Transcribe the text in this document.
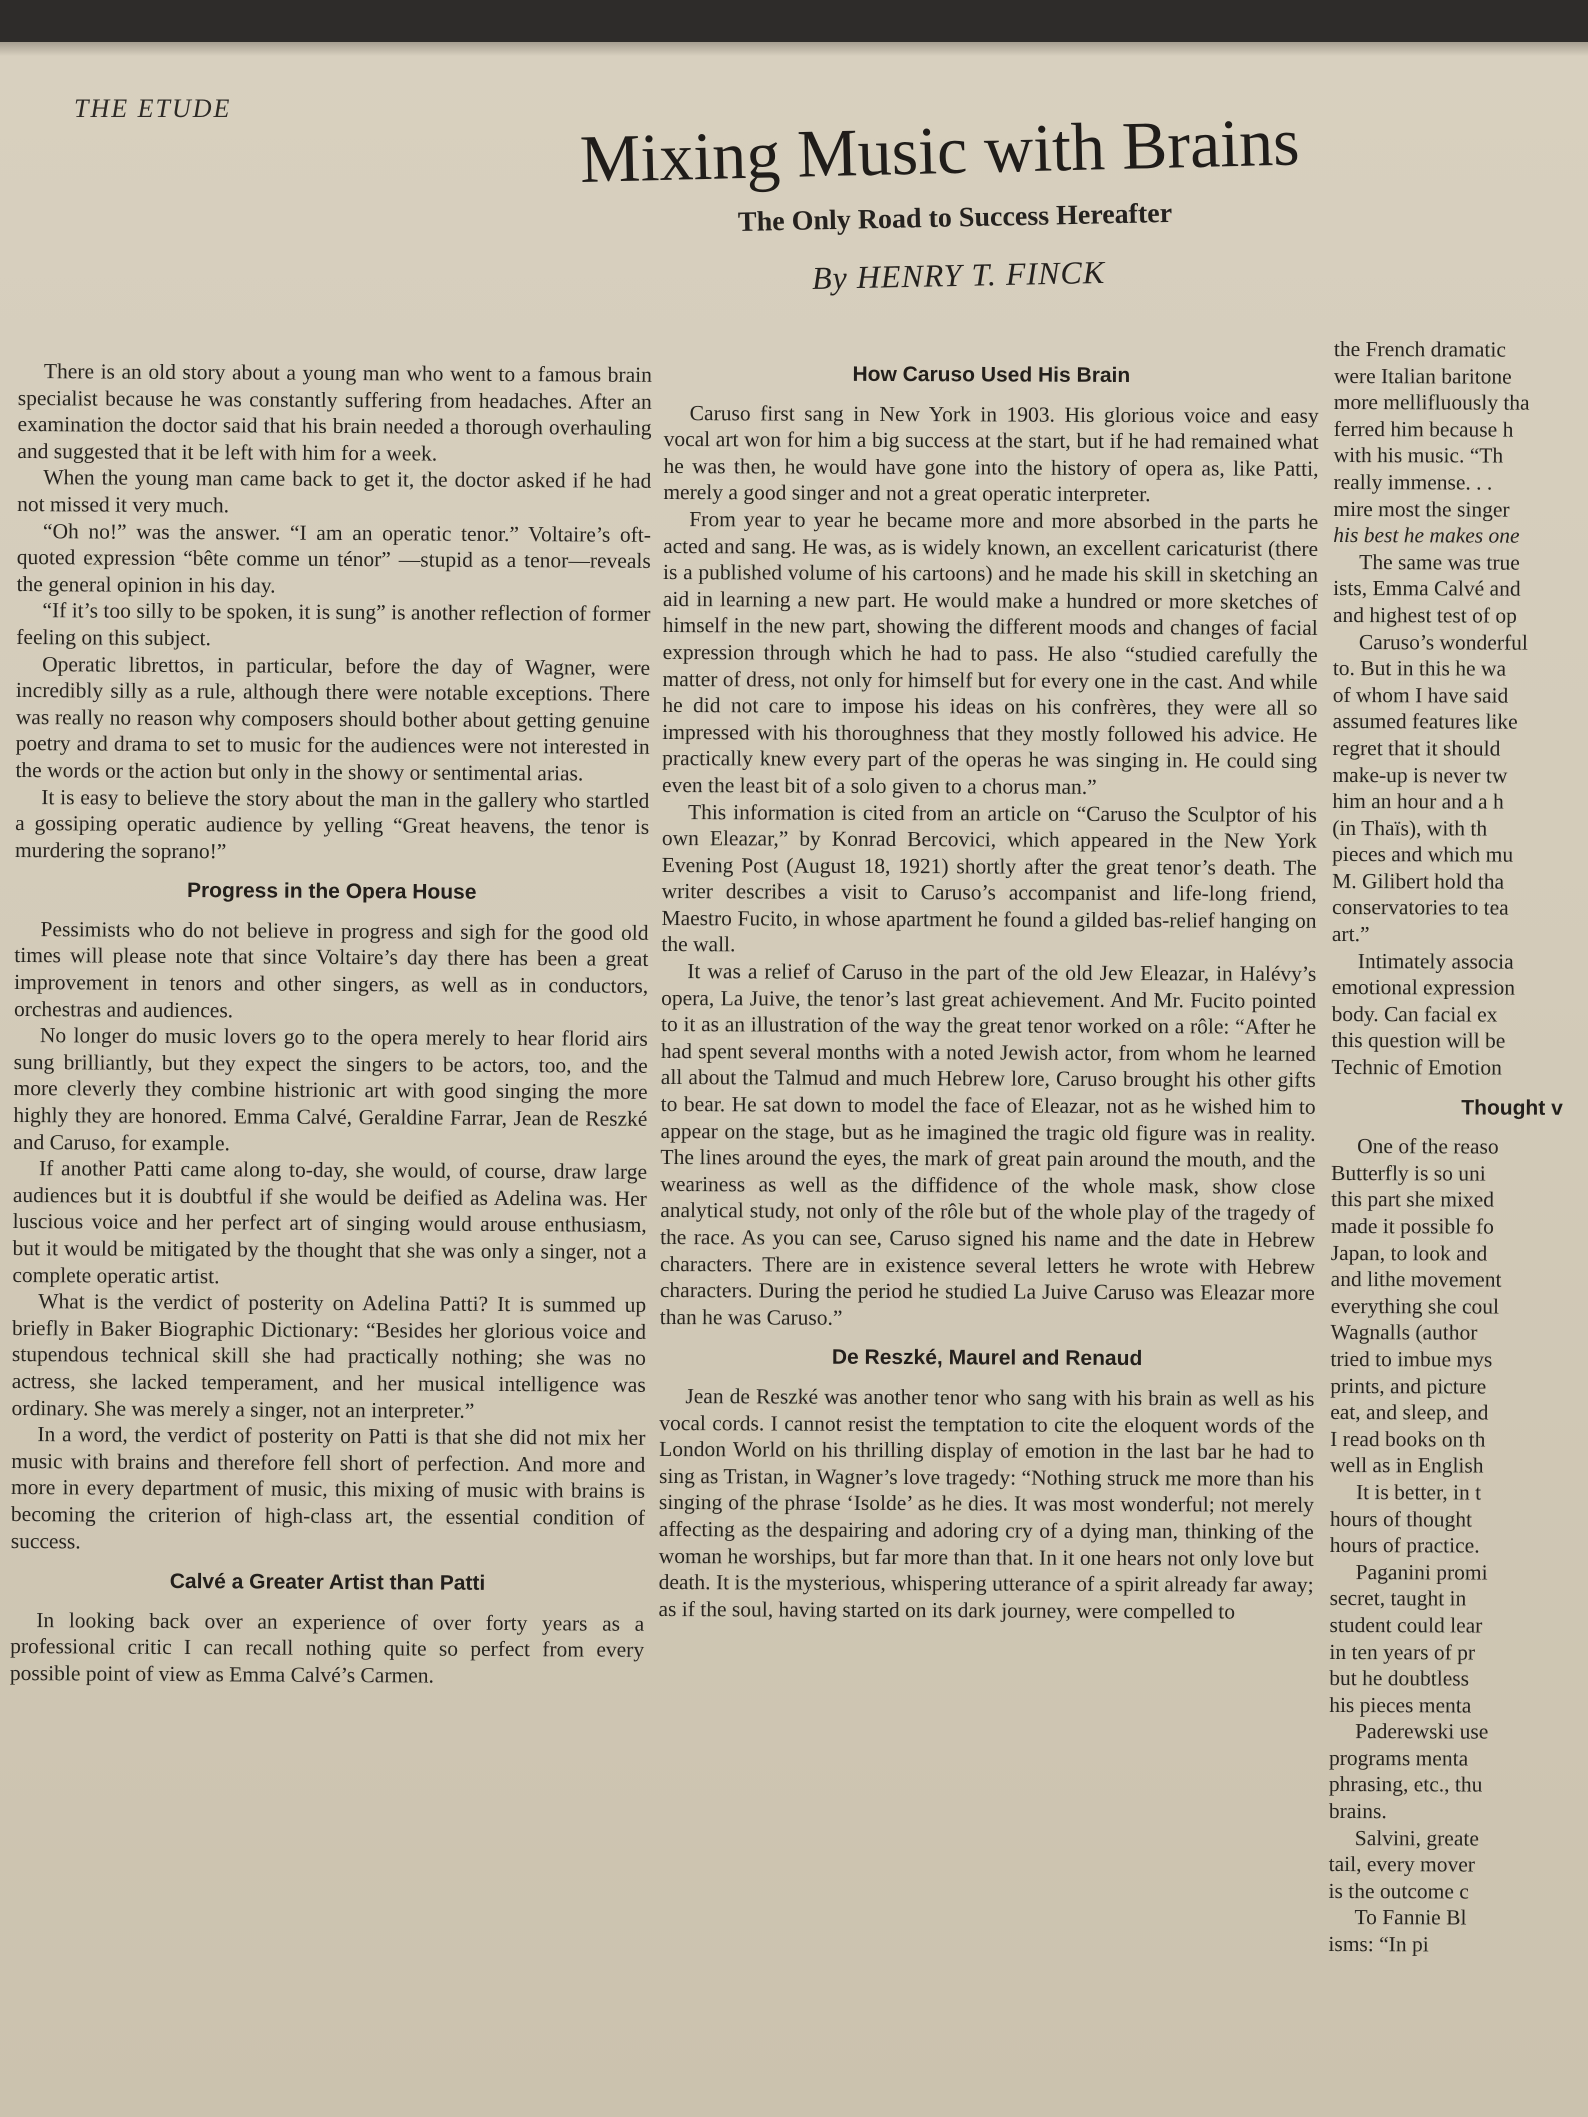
THE ETUDE	Mixing Music with Brains
The Only Road to Success Hereafter
By HENRY T. FINCK

There is an old story about a young man who went to a famous brain specialist because he was constantly suffering from headaches. After an examination the doctor said that his brain needed a thorough overhauling and suggested that it be left with him for a week.

When the young man came back to get it, the doctor asked if he had not missed it very much.

“Oh no!” was the answer. “I am an operatic tenor.” Voltaire’s oft-quoted expression “bête comme un ténor” —stupid as a tenor—reveals the general opinion in his day.

“If it’s too silly to be spoken, it is sung” is another reflection of former feeling on this subject.

Operatic librettos, in particular, before the day of Wagner, were incredibly silly as a rule, although there were notable exceptions. There was really no reason why composers should bother about getting genuine poetry and drama to set to music for the audiences were not interested in the words or the action but only in the showy or sentimental arias.

It is easy to believe the story about the man in the gallery who startled a gossiping operatic audience by yelling “Great heavens, the tenor is murdering the soprano!”

Progress in the Opera House

Pessimists who do not believe in progress and sigh for the good old times will please note that since Voltaire’s day there has been a great improvement in tenors and other singers, as well as in conductors, orchestras and audiences.

No longer do music lovers go to the opera merely to hear florid airs sung brilliantly, but they expect the singers to be actors, too, and the more cleverly they combine histrionic art with good singing the more highly they are honored. Emma Calvé, Geraldine Farrar, Jean de Reszké and Caruso, for example.

If another Patti came along to-day, she would, of course, draw large audiences but it is doubtful if she would be deified as Adelina was. Her luscious voice and her perfect art of singing would arouse enthusiasm, but it would be mitigated by the thought that she was only a singer, not a complete operatic artist.

What is the verdict of posterity on Adelina Patti? It is summed up briefly in Baker Biographic Dictionary: “Besides her glorious voice and stupendous technical skill she had practically nothing; she was no actress, she lacked temperament, and her musical intelligence was ordinary. She was merely a singer, not an interpreter.”

In a word, the verdict of posterity on Patti is that she did not mix her music with brains and therefore fell short of perfection. And more and more in every department of music, this mixing of music with brains is becoming the criterion of high-class art, the essential condition of success.

Calvé a Greater Artist than Patti

In looking back over an experience of over forty years as a professional critic I can recall nothing quite so perfect from every possible point of view as Emma Calvé’s Carmen.

How Caruso Used His Brain

Caruso first sang in New York in 1903. His glorious voice and easy vocal art won for him a big success at the start, but if he had remained what he was then, he would have gone into the history of opera as, like Patti, merely a good singer and not a great operatic interpreter.

From year to year he became more and more absorbed in the parts he acted and sang. He was, as is widely known, an excellent caricaturist (there is a published volume of his cartoons) and he made his skill in sketching an aid in learning a new part. He would make a hundred or more sketches of himself in the new part, showing the different moods and changes of facial expression through which he had to pass. He also “studied carefully the matter of dress, not only for himself but for every one in the cast. And while he did not care to impose his ideas on his confrères, they were all so impressed with his thoroughness that they mostly followed his advice. He practically knew every part of the operas he was singing in. He could sing even the least bit of a solo given to a chorus man.”

This information is cited from an article on “Caruso the Sculptor of his own Eleazar,” by Konrad Bercovici, which appeared in the New York Evening Post (August 18, 1921) shortly after the great tenor’s death. The writer describes a visit to Caruso’s accompanist and life-long friend, Maestro Fucito, in whose apartment he found a gilded bas-relief hanging on the wall.

It was a relief of Caruso in the part of the old Jew Eleazar, in Halévy’s opera, La Juive, the tenor’s last great achievement. And Mr. Fucito pointed to it as an illustration of the way the great tenor worked on a rôle: “After he had spent several months with a noted Jewish actor, from whom he learned all about the Talmud and much Hebrew lore, Caruso brought his other gifts to bear. He sat down to model the face of Eleazar, not as he wished him to appear on the stage, but as he imagined the tragic old figure was in reality. The lines around the eyes, the mark of great pain around the mouth, and the weariness as well as the diffidence of the whole mask, show close analytical study, not only of the rôle but of the whole play of the tragedy of the race. As you can see, Caruso signed his name and the date in Hebrew characters. There are in existence several letters he wrote with Hebrew characters. During the period he studied La Juive Caruso was Eleazar more than he was Caruso.”

De Reszké, Maurel and Renaud

Jean de Reszké was another tenor who sang with his brain as well as his vocal cords. I cannot resist the temptation to cite the eloquent words of the London World on his thrilling display of emotion in the last bar he had to sing as Tristan, in Wagner’s love tragedy: “Nothing struck me more than his singing of the phrase ‘Isolde’ as he dies. It was most wonderful; not merely affecting as the despairing and adoring cry of a dying man, thinking of the woman he worships, but far more than that. In it one hears not only love but death. It is the mysterious, whispering utterance of a spirit already far away; as if the soul, having started on its dark journey, were compelled to

the French dramatic

were Italian baritone

more mellifluously tha

ferred him because h

with his music. “Th

really immense. . .

mire most the singer

his best he makes one

The same was true

ists, Emma Calvé and

and highest test of op

Caruso’s wonderful

to. But in this he wa

of whom I have said

assumed features like

regret that it should

make-up is never tw

him an hour and a h

(in Thaïs), with th

pieces and which mu

M. Gilibert hold tha

conservatories to tea

art.”

Intimately associa

emotional expression

body. Can facial ex

this question will be

Technic of Emotion

Thought v

One of the reaso

Butterfly is so uni

this part she mixed

made it possible fo

Japan, to look and

and lithe movement

everything she coul

Wagnalls (author

tried to imbue mys

prints, and picture

eat, and sleep, and

I read books on th

well as in English

It is better, in t

hours of thought

hours of practice.

Paganini promi

secret, taught in

student could lear

in ten years of pr

but he doubtless

his pieces menta

Paderewski use

programs menta

phrasing, etc., thu

brains.

Salvini, greate

tail, every mover

is the outcome c

To Fannie Bl

isms: “In pi
